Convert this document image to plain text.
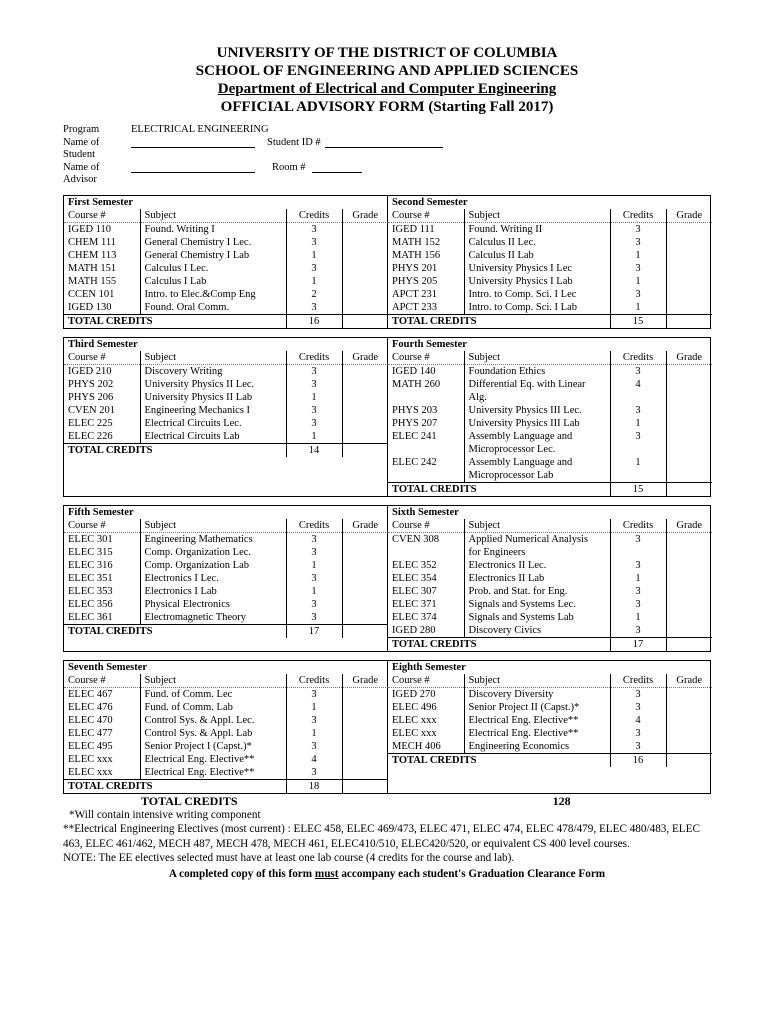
UNIVERSITY OF THE DISTRICT OF COLUMBIA
SCHOOL OF ENGINEERING AND APPLIED SCIENCES
Department of Electrical and Computer Engineering
OFFICIAL ADVISORY FORM (Starting Fall 2017)
Program	ELECTRICAL ENGINEERING
Name of Student
Student ID #
Name of Advisor
Room #
First Semester
Course #	Subject	Credits	Grade
IGED 110	Found. Writing I	3	
CHEM 111	General Chemistry I Lec.	3	
CHEM 113	General Chemistry I Lab	1	
MATH 151	Calculus I Lec.	3	
MATH 155	Calculus I Lab	1	
CCEN 101	Intro. to Elec.&Comp Eng	2	
IGED 130	Found. Oral Comm.	3	
TOTAL CREDITS		16	
Second Semester
Course #	Subject	Credits	Grade
IGED 111	Found. Writing II	3	
MATH 152	Calculus II Lec.	3	
MATH 156	Calculus II Lab	1	
PHYS 201	University Physics I Lec	3	
PHYS 205	University Physics I Lab	1	
APCT 231	Intro. to Comp. Sci. I Lec	3	
APCT 233	Intro. to Comp. Sci. I Lab	1	
TOTAL CREDITS		15	
Third Semester
Course #	Subject	Credits	Grade
IGED 210	Discovery Writing	3	
PHYS 202	University Physics II Lec.	3	

PHYS 206	University Physics II Lab	1	
CVEN 201	Engineering Mechanics I	3	
ELEC 225	Electrical Circuits Lec.	3	

ELEC 226	Electrical Circuits Lab	1	

TOTAL CREDITS		14	
Fourth Semester
Course #	Subject	Credits	Grade
IGED 140	Foundation Ethics	3	
MATH 260	Differential Eq. with Linear	4	
	Alg.		
PHYS 203	University Physics III Lec.	3	
PHYS 207	University Physics III Lab	1	
ELEC 241	Assembly Language and	3	
	Microprocessor Lec.		
ELEC 242	Assembly Language and	1	
	Microprocessor Lab		
TOTAL CREDITS		15	
Fifth Semester
Course #	Subject	Credits	Grade
ELEC 301	Engineering Mathematics	3	

ELEC 315	Comp. Organization Lec.	3	
ELEC 316	Comp. Organization Lab	1	
ELEC 351	Electronics I Lec.	3	
ELEC 353	Electronics I Lab	1	
ELEC 356	Physical Electronics	3	
ELEC 361	Electromagnetic Theory	3	
TOTAL CREDITS		17	
Sixth Semester
Course #	Subject	Credits	Grade
CVEN 308	Applied Numerical Analysis	3	
	for Engineers		
ELEC 352	Electronics II Lec.	3	
ELEC 354	Electronics II Lab	1	
ELEC 307	Prob. and Stat. for Eng.	3	
ELEC 371	Signals and Systems Lec.	3	
ELEC 374	Signals and Systems Lab	1	
IGED 280	Discovery Civics	3	
TOTAL CREDITS		17	
Seventh Semester
Course #	Subject	Credits	Grade
ELEC 467	Fund. of Comm. Lec	3	
ELEC 476	Fund. of Comm. Lab	1	
ELEC 470	Control Sys. & Appl. Lec.	3	
ELEC 477	Control Sys. & Appl. Lab	1	
ELEC 495	Senior Project I (Capst.)*	3	
ELEC xxx	Electrical Eng. Elective**	4	
ELEC xxx	Electrical Eng. Elective**	3	
TOTAL CREDITS		18	
Eighth Semester
Course #	Subject	Credits	Grade
IGED 270	Discovery Diversity	3	
ELEC 496	Senior Project II (Capst.)*	3	
ELEC xxx	Electrical Eng. Elective**	4	
ELEC xxx	Electrical Eng. Elective**	3	
MECH 406	Engineering Economics	3	

TOTAL CREDITS		16	
TOTAL CREDITS	128
*Will contain intensive writing component
**Electrical Engineering Electives (most current) : ELEC 458, ELEC 469/473, ELEC 471, ELEC 474, ELEC 478/479, ELEC 480/483, ELEC 463, ELEC 461/462, MECH 487, MECH 478, MECH 461, ELEC410/510, ELEC420/520, or equivalent CS 400 level courses.
NOTE: The EE electives selected must have at least one lab course (4 credits for the course and lab).
A completed copy of this form must accompany each student's Graduation Clearance Form
